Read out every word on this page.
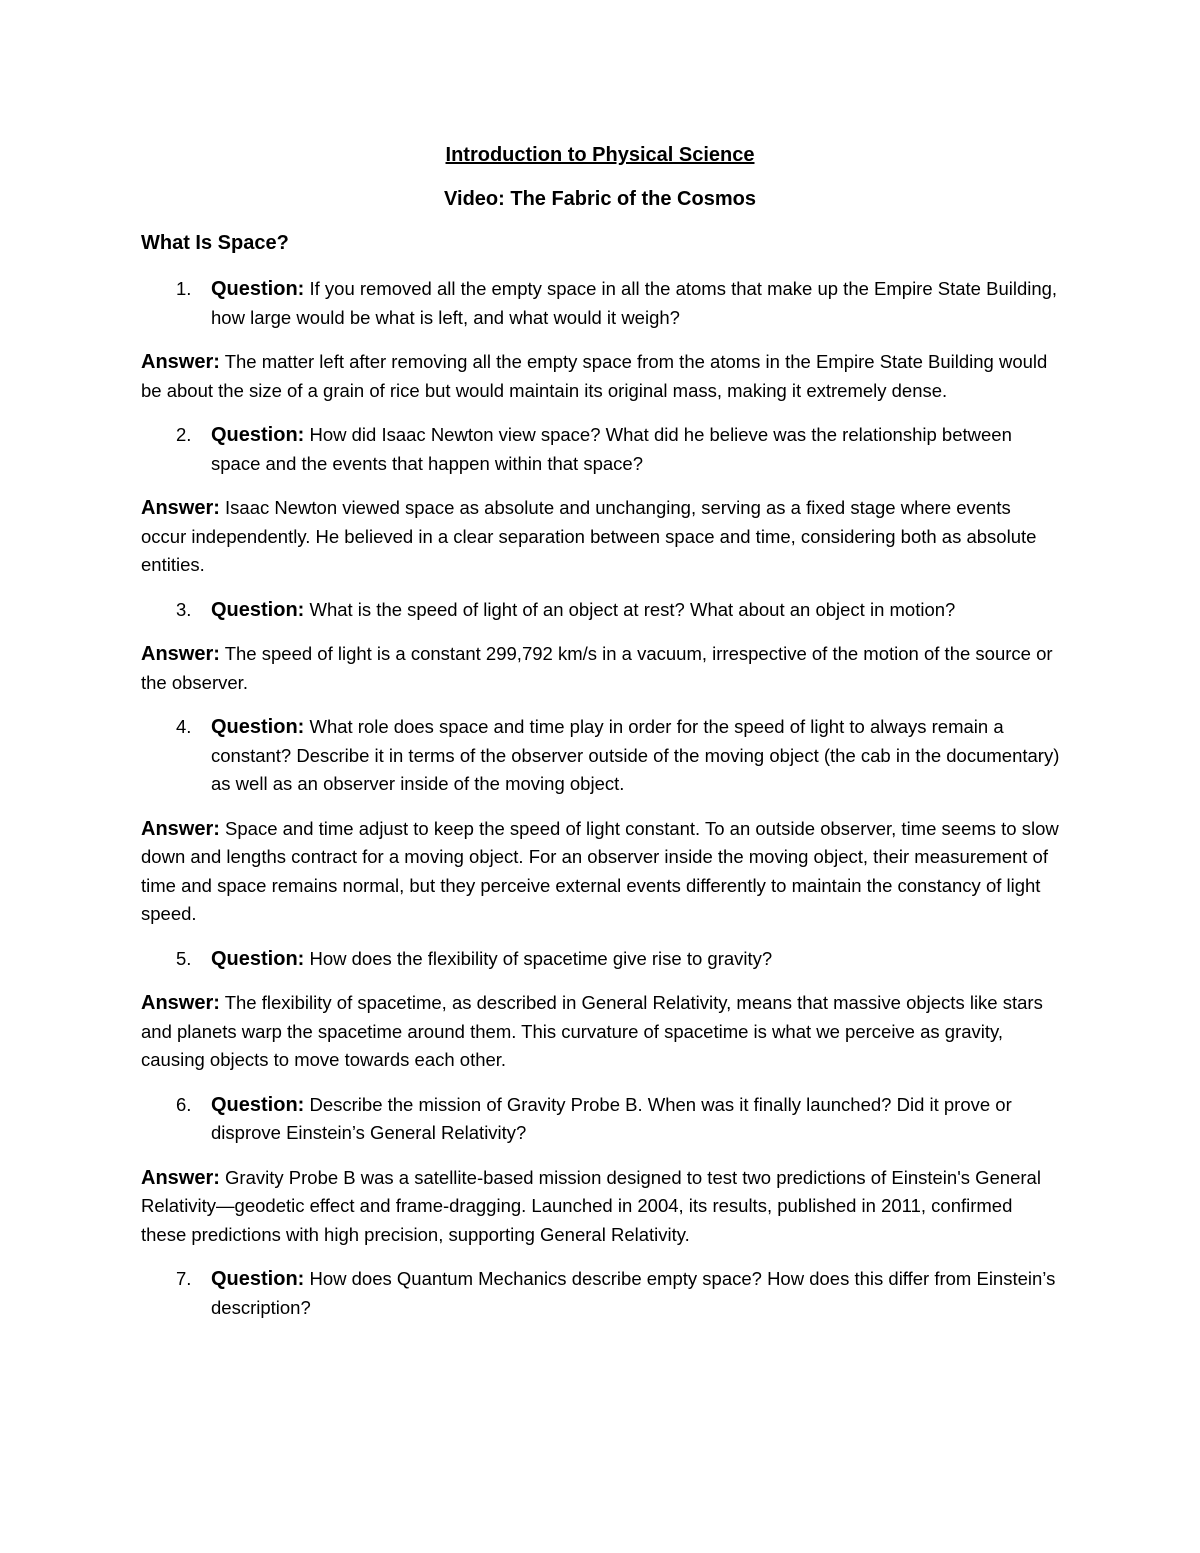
Introduction to Physical Science
Video: The Fabric of the Cosmos
What Is Space?
1. Question: If you removed all the empty space in all the atoms that make up the Empire State Building, how large would be what is left, and what would it weigh?
Answer: The matter left after removing all the empty space from the atoms in the Empire State Building would be about the size of a grain of rice but would maintain its original mass, making it extremely dense.
2. Question: How did Isaac Newton view space? What did he believe was the relationship between space and the events that happen within that space?
Answer: Isaac Newton viewed space as absolute and unchanging, serving as a fixed stage where events occur independently. He believed in a clear separation between space and time, considering both as absolute entities.
3. Question: What is the speed of light of an object at rest? What about an object in motion?
Answer: The speed of light is a constant 299,792 km/s in a vacuum, irrespective of the motion of the source or the observer.
4. Question: What role does space and time play in order for the speed of light to always remain a constant? Describe it in terms of the observer outside of the moving object (the cab in the documentary) as well as an observer inside of the moving object.
Answer: Space and time adjust to keep the speed of light constant. To an outside observer, time seems to slow down and lengths contract for a moving object. For an observer inside the moving object, their measurement of time and space remains normal, but they perceive external events differently to maintain the constancy of light speed.
5. Question: How does the flexibility of spacetime give rise to gravity?
Answer: The flexibility of spacetime, as described in General Relativity, means that massive objects like stars and planets warp the spacetime around them. This curvature of spacetime is what we perceive as gravity, causing objects to move towards each other.
6. Question: Describe the mission of Gravity Probe B. When was it finally launched? Did it prove or disprove Einstein’s General Relativity?
Answer: Gravity Probe B was a satellite-based mission designed to test two predictions of Einstein's General Relativity—geodetic effect and frame-dragging. Launched in 2004, its results, published in 2011, confirmed these predictions with high precision, supporting General Relativity.
7. Question: How does Quantum Mechanics describe empty space? How does this differ from Einstein’s description?
